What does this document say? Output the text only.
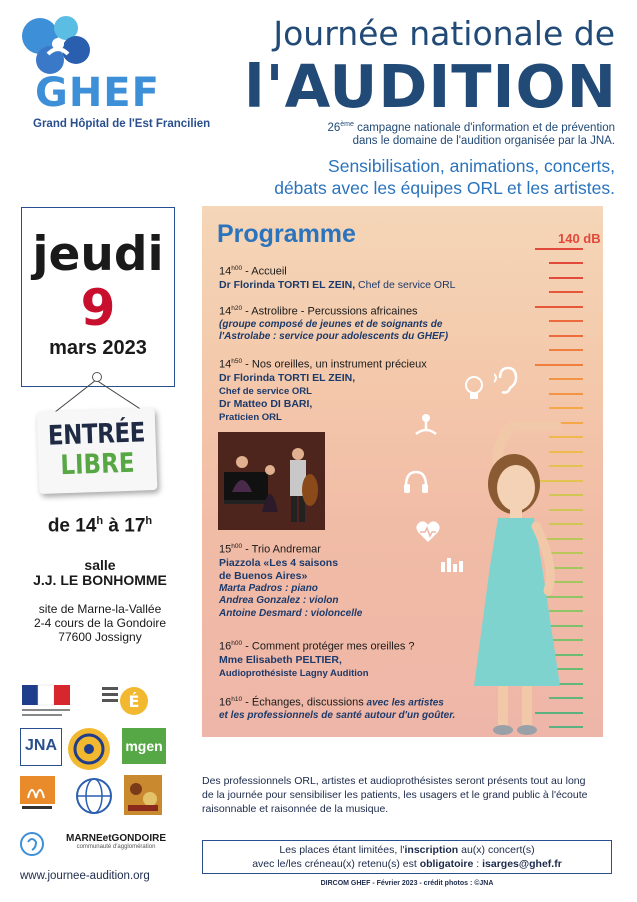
GHEF
Grand Hôpital de l'Est Francilien
Journée nationale de
l'AUDITION
26ème campagne nationale d'information et de prévention
dans le domaine de l'audition organisée par la JNA.
Sensibilisation, animations, concerts,
débats avec les équipes ORL et les artistes.
jeudi
9
mars 2023
ENTRÉE
LIBRE
de 14$^h$ à 17$^h$
salle
J.J. LE BONHOMME
site de Marne-la-Vallée
2-4 cours de la Gondoire
77600 Jossigny
É
JNA	mgen
MARNEetGONDOIRE
communauté d'agglomération
www.journee-audition.org
140 dB
Programme
$14^{h00}$ - Accueil
Dr Florinda TORTI EL ZEIN, Chef de service ORL
$14^{h20}$ - Astrolibre - Percussions africaines
(groupe composé de jeunes et de soignants de
l'Astrolabe : service pour adolescents du GHEF)
$14^{h50}$ - Nos oreilles, un instrument précieux
Dr Florinda TORTI EL ZEIN,
Chef de service ORL
Dr Matteo DI BARI,
Praticien ORL
$15^{h00}$ - Trio Andremar
Piazzola «Les 4 saisons
de Buenos Aires»
Marta Padros : piano
Andrea Gonzalez : violon
Antoine Desmard : violoncelle
$16^{h00}$ - Comment protéger mes oreilles ?
Mme Elisabeth PELTIER,
Audioprothésiste Lagny Audition
$16^{h10}$ - Échanges, discussions avec les artistes
et les professionnels de santé autour d'un goûter.
Des professionnels ORL, artistes et audioprothésistes seront présents tout au long
de la journée pour sensibiliser les patients, les usagers et le grand public à l'écoute
raisonnable et raisonnée de la musique.
Les places étant limitées, l'inscription au(x) concert(s)
avec le/les créneau(x) retenu(s) est obligatoire : isarges@ghef.fr
DIRCOM GHEF - Février 2023 - crédit photos : ©JNA
